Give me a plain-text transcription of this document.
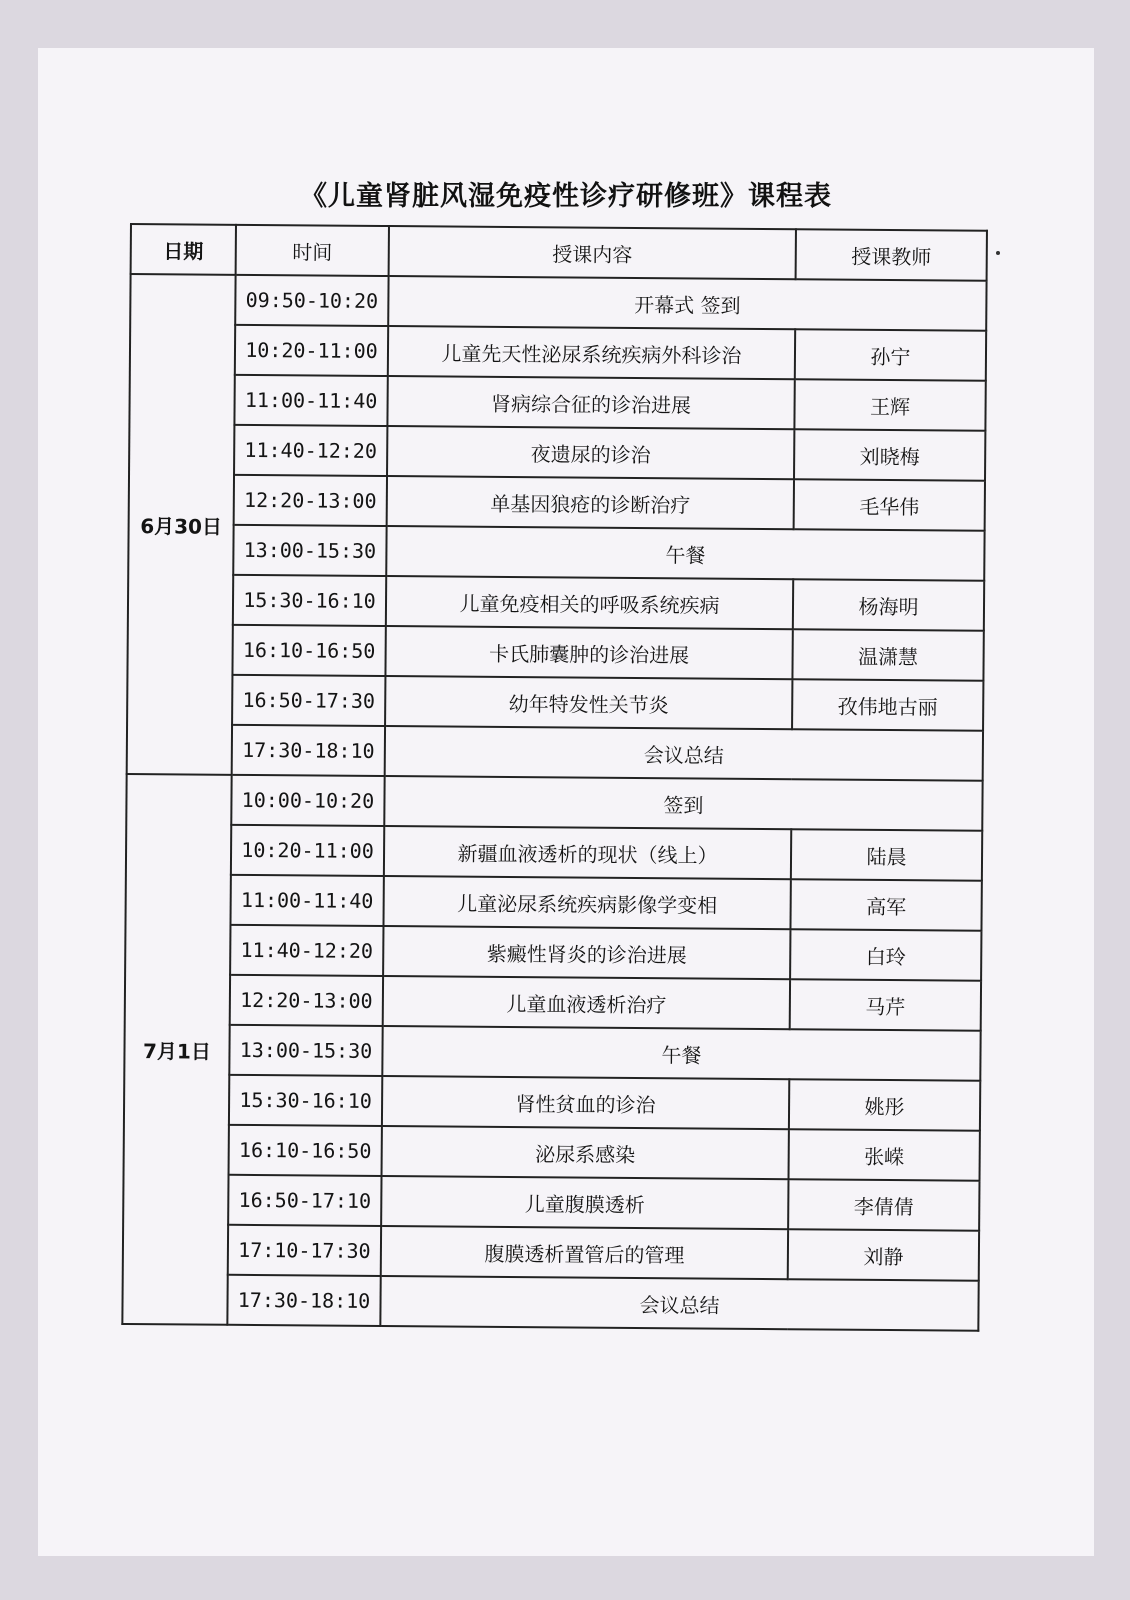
《儿童肾脏风湿免疫性诊疗研修班》课程表
日期	时间	授课内容	授课教师
6月30日	09:50-10:20	开幕式 签到	
	10:20-11:00	儿童先天性泌尿系统疾病外科诊治	孙宁
	11:00-11:40	肾病综合征的诊治进展	王辉
	11:40-12:20	夜遗尿的诊治	刘晓梅
	12:20-13:00	单基因狼疮的诊断治疗	毛华伟
	13:00-15:30	午餐	
	15:30-16:10	儿童免疫相关的呼吸系统疾病	杨海明
	16:10-16:50	卡氏肺囊肿的诊治进展	温潇慧
	16:50-17:30	幼年特发性关节炎	孜伟地古丽
	17:30-18:10	会议总结	
7月1日	10:00-10:20	签到	
	10:20-11:00	新疆血液透析的现状（线上）	陆晨
	11:00-11:40	儿童泌尿系统疾病影像学变相	高军
	11:40-12:20	紫癜性肾炎的诊治进展	白玲
	12:20-13:00	儿童血液透析治疗	马芹
	13:00-15:30	午餐	
	15:30-16:10	肾性贫血的诊治	姚彤
	16:10-16:50	泌尿系感染	张嵘
	16:50-17:10	儿童腹膜透析	李倩倩
	17:10-17:30	腹膜透析置管后的管理	刘静
	17:30-18:10	会议总结	
